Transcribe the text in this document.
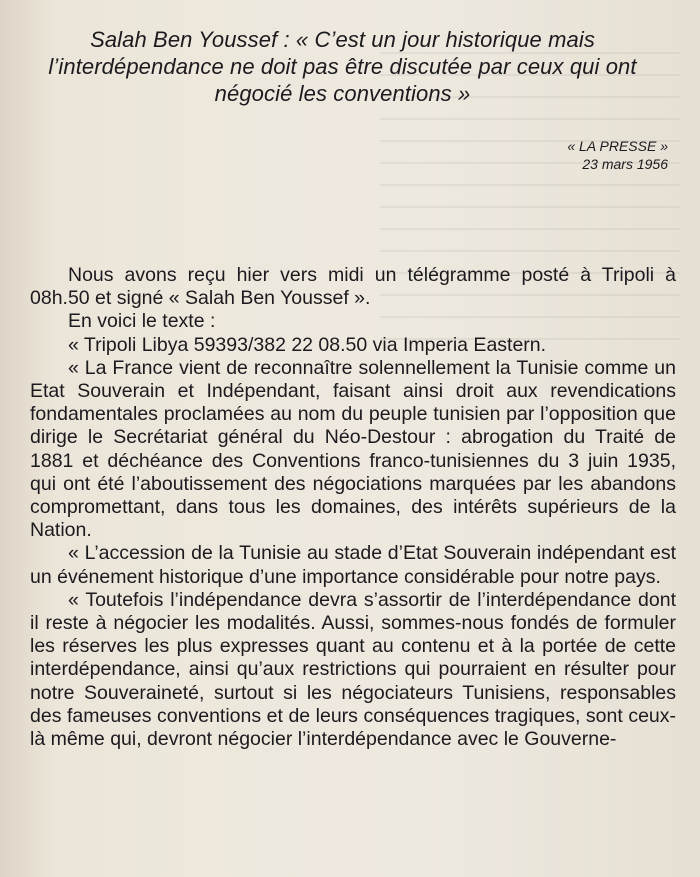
Salah Ben Youssef : « C’est un jour historique mais l’interdépendance ne doit pas être discutée par ceux qui ont négocié les conventions »
« LA PRESSE »
23 mars 1956

Nous avons reçu hier vers midi un télégramme posté à Tripoli à 08h.50 et signé « Salah Ben Youssef ».

En voici le texte :

« Tripoli Libya 59393/382 22 08.50 via Imperia Eastern.

« La France vient de reconnaître solennellement la Tunisie comme un Etat Souverain et Indépendant, faisant ainsi droit aux revendications fondamentales proclamées au nom du peuple tunisien par l’opposition que dirige le Secrétariat général du Néo-Destour : abrogation du Traité de 1881 et déchéance des Conventions franco-tunisiennes du 3 juin 1935, qui ont été l’aboutissement des négociations marquées par les abandons compromettant, dans tous les domaines, des intérêts supérieurs de la Nation.

« L’accession de la Tunisie au stade d’Etat Souverain indépendant est un événement historique d’une importance considérable pour notre pays.

« Toutefois l’indépendance devra s’assortir de l’interdépendance dont il reste à négocier les modalités. Aussi, sommes-nous fondés de formuler les réserves les plus expresses quant au contenu et à la portée de cette interdépendance, ainsi qu’aux restrictions qui pourraient en résulter pour notre Souveraineté, surtout si les négociateurs Tunisiens, responsables des fameuses conventions et de leurs conséquences tragiques, sont ceux-là même qui, devront négocier l’interdépendance avec le Gouverne-
